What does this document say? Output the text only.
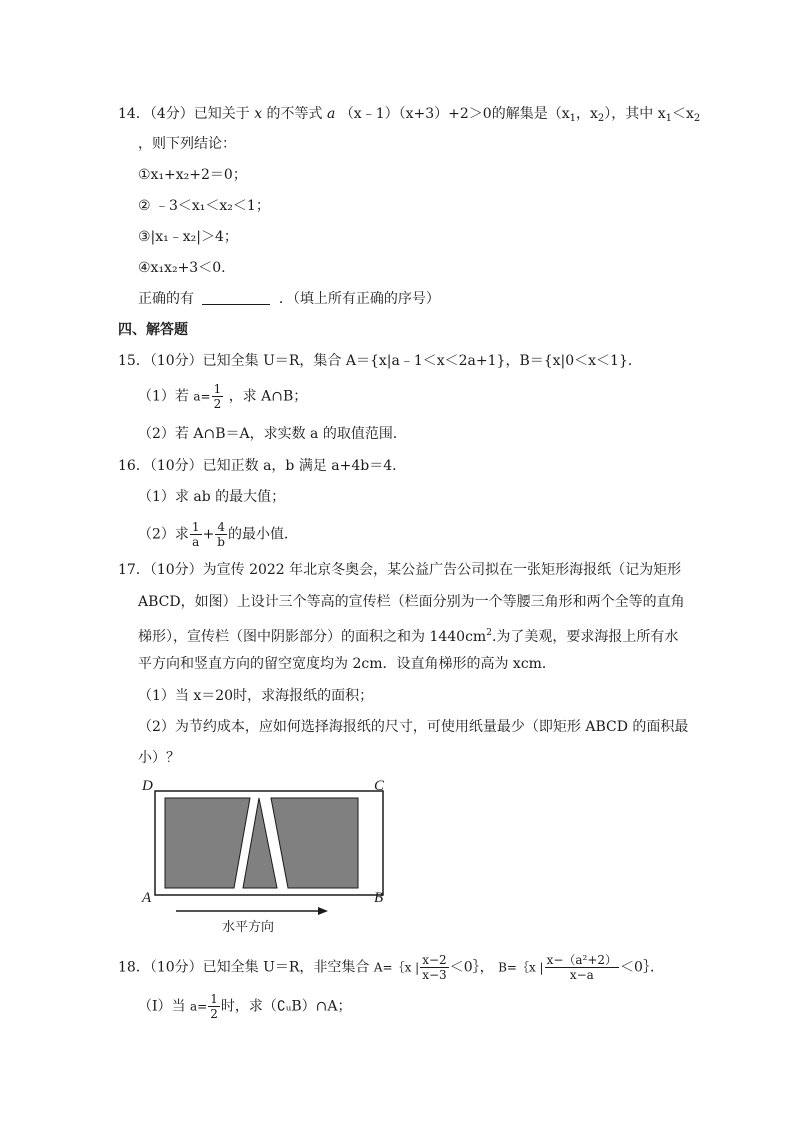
14．（4分）已知关于 x 的不等式 a （x﹣1）（x+3）+2＞0的解集是（$x_1$，$x_2$），其中 $x_1<x_2$
，则下列结论：
①x₁+x₂+2＝0；
② ﹣3＜x₁＜x₂＜1；
③|x₁﹣x₂|＞4；
④x₁x₂+3＜0.
正确的有	．（填上所有正确的序号）
四、解答题
15．（10分）已知全集 U＝R，集合 A＝{x|a﹣1＜x＜2a+1}，B＝{x|0＜x＜1}．
（1）若 $a= \frac{1}{2}$ ，求 A∩B；
（2）若 A∩B＝A，求实数 a 的取值范围．
16．（10分）已知正数 a，b 满足 a+4b＝4．
（1）求 ab 的最大值；
（2）求 $\frac{1}{a} + \frac{4}{b}$ 的最小值．
17．（10分）为宣传 2022 年北京冬奥会，某公益广告公司拟在一张矩形海报纸（记为矩形
ABCD，如图）上设计三个等高的宣传栏（栏面分别为一个等腰三角形和两个全等的直角
梯形），宣传栏（图中阴影部分）的面积之和为 $1440cm^2$.为了美观，要求海报上所有水
平方向和竖直方向的留空宽度均为 2cm．设直角梯形的高为 xcm．
（1）当 x＝20时，求海报纸的面积；
（2）为节约成本，应如何选择海报纸的尺寸，可使用纸量最少（即矩形 ABCD 的面积最
小）？
D	C
A	B
水平方向
18．（10分）已知全集 U＝R，非空集合 A=｛x | $\frac{x-2}{x-3}$ ＜0｝， B=｛x | $\frac{\text{x−（a²+2）}}{x-a}$ ＜0｝．
（I）当 $a= \frac{1}{2}$ 时，求（∁ᵤB）∩A；
